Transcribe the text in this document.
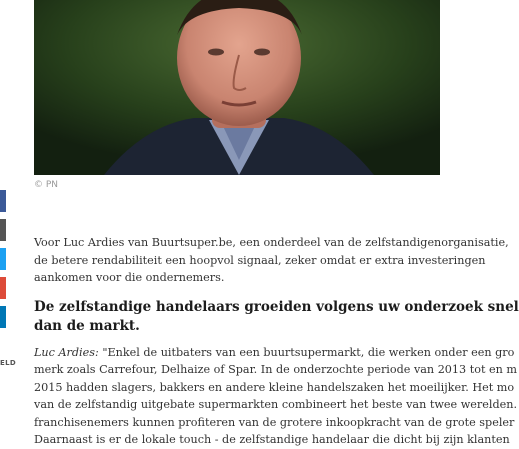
© PN
ELD

Voor Luc Ardies van Buurtsuper.be, een onderdeel van de zelfstandigenorganisatie,
de betere rendabiliteit een hoopvol signaal, zeker omdat er extra investeringen
aankomen voor die ondernemers.

De zelfstandige handelaars groeiden volgens uw onderzoek snel
dan de markt.

Luc Ardies: "Enkel de uitbaters van een buurtsupermarkt, die werken onder een gro
merk zoals Carrefour, Delhaize of Spar. In de onderzochte periode van 2013 tot en m
2015 hadden slagers, bakkers en andere kleine handelszaken het moeilijker. Het mo
van de zelfstandig uitgebate supermarkten combineert het beste van twee werelden.
franchisenemers kunnen profiteren van de grotere inkoopkracht van de grote speler
Daarnaast is er de lokale touch - de zelfstandige handelaar die dicht bij zijn klanten
